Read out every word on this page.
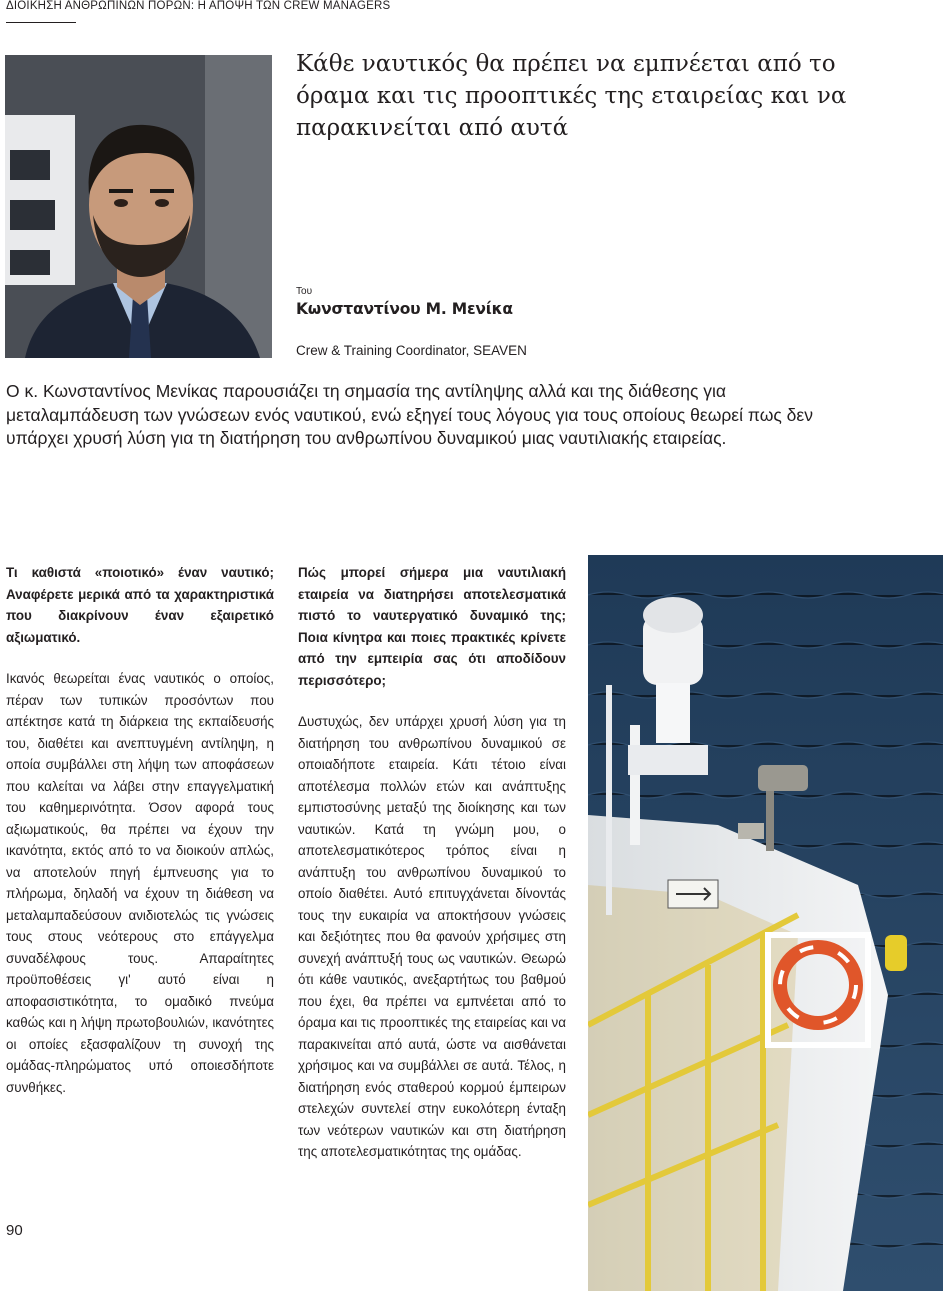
ΔΙΟΙΚΗΣΗ ΑΝΘΡΩΠΙΝΩΝ ΠΟΡΩΝ: Η ΑΠΟΨΗ ΤΩΝ CREW MANAGERS
Κάθε ναυτικός θα πρέπει να εμπνέεται από το όραμα και τις προοπτικές της εταιρείας και να παρακινείται από αυτά
Του
Κωνσταντίνου Μ. Μενίκα
Crew & Training Coordinator, SEAVEN
Ο κ. Κωνσταντίνος Μενίκας παρουσιάζει τη σημασία της αντίληψης αλλά και της διάθεσης για μεταλαμπάδευση των γνώσεων ενός ναυτικού, ενώ εξηγεί τους λόγους για τους οποίους θεωρεί πως δεν υπάρχει χρυσή λύση για τη διατήρηση του ανθρωπίνου δυναμικού μιας ναυτιλιακής εταιρείας.

Τι καθιστά «ποιοτικό» έναν ναυτικό; Αναφέρετε μερικά από τα χαρακτηριστικά που διακρίνουν έναν εξαιρετικό αξιωματικό.

Ικανός θεωρείται ένας ναυτικός ο οποίος, πέραν των τυπικών προσόντων που απέκτησε κατά τη διάρκεια της εκπαίδευσής του, διαθέτει και ανεπτυγμένη αντίληψη, η οποία συμβάλλει στη λήψη των αποφάσεων που καλείται να λάβει στην επαγγελματική του καθημερινότητα. Όσον αφορά τους αξιωματικούς, θα πρέπει να έχουν την ικανότητα, εκτός από το να διοικούν απλώς, να αποτελούν πηγή έμπνευσης για το πλήρωμα, δηλαδή να έχουν τη διάθεση να μεταλαμπαδεύσουν ανιδιοτελώς τις γνώσεις τους στους νεότερους στο επάγγελμα συναδέλφους τους. Απαραίτητες προϋποθέσεις γι' αυτό είναι η αποφασιστικότητα, το ομαδικό πνεύμα καθώς και η λήψη πρωτοβουλιών, ικανότητες οι οποίες εξασφαλίζουν τη συνοχή της ομάδας-πληρώματος υπό οποιεσδήποτε συνθήκες.

Πώς μπορεί σήμερα μια ναυτιλιακή εταιρεία να διατηρήσει αποτελεσματικά πιστό το ναυτεργατικό δυναμικό της; Ποια κίνητρα και ποιες πρακτικές κρίνετε από την εμπειρία σας ότι αποδίδουν περισσότερο;

Δυστυχώς, δεν υπάρχει χρυσή λύση για τη διατήρηση του ανθρωπίνου δυναμικού σε οποιαδήποτε εταιρεία. Κάτι τέτοιο είναι αποτέλεσμα πολλών ετών και ανάπτυξης εμπιστοσύνης μεταξύ της διοίκησης και των ναυτικών. Κατά τη γνώμη μου, ο αποτελεσματικότερος τρόπος είναι η ανάπτυξη του ανθρωπίνου δυναμικού το οποίο διαθέτει. Αυτό επιτυγχάνεται δίνοντάς τους την ευκαιρία να αποκτήσουν γνώσεις και δεξιότητες που θα φανούν χρήσιμες στη συνεχή ανάπτυξή τους ως ναυτικών. Θεωρώ ότι κάθε ναυτικός, ανεξαρτήτως του βαθμού που έχει, θα πρέπει να εμπνέεται από το όραμα και τις προοπτικές της εταιρείας και να παρακινείται από αυτά, ώστε να αισθάνεται χρήσιμος και να συμβάλλει σε αυτά. Τέλος, η διατήρηση ενός σταθερού κορμού έμπειρων στελεχών συντελεί στην ευκολότερη ένταξη των νεότερων ναυτικών και στη διατήρηση της αποτελεσματικότητας της ομάδας.

90
